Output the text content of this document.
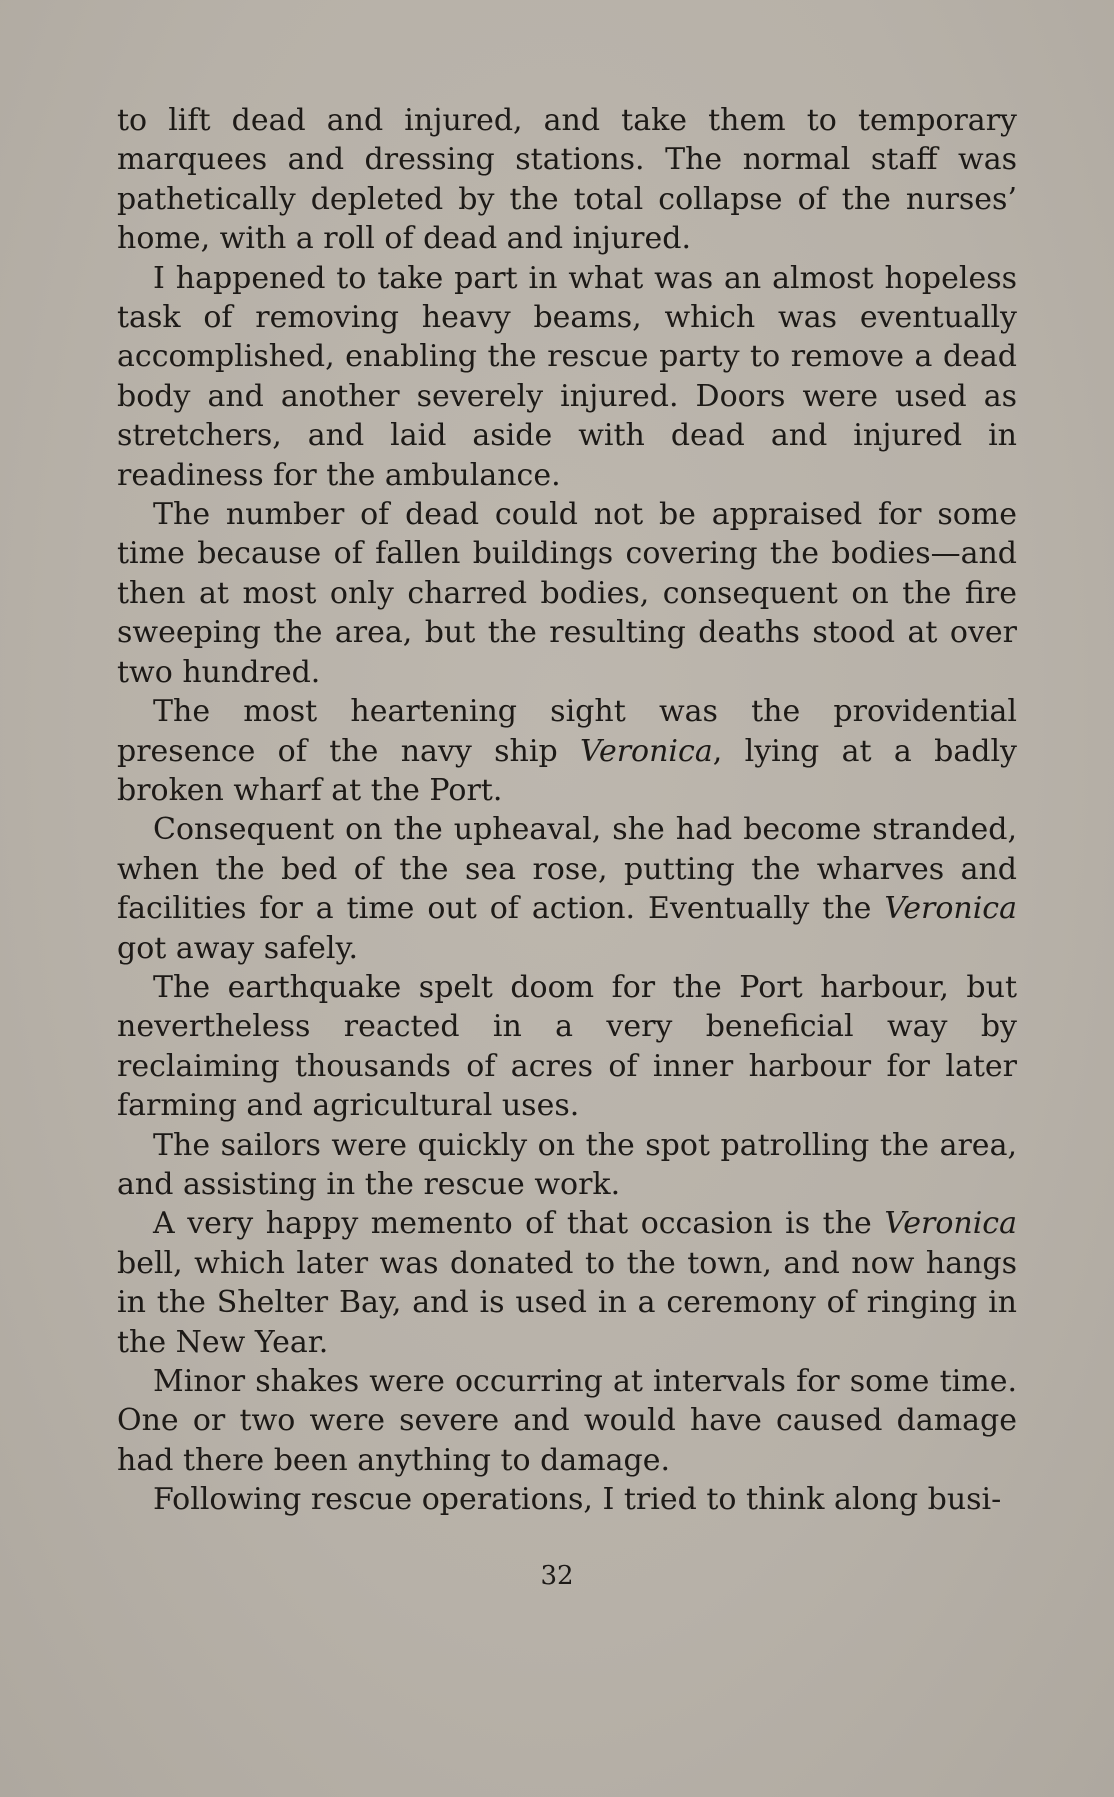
to lift dead and injured, and take them to temporary marquees and dressing stations. The normal staff was pathetically depleted by the total collapse of the nurses’ home, with a roll of dead and injured.

I happened to take part in what was an almost hopeless task of removing heavy beams, which was eventually accomplished, enabling the rescue party to remove a dead body and another severely injured. Doors were used as stretchers, and laid aside with dead and injured in readiness for the ambulance.

The number of dead could not be appraised for some time because of fallen buildings covering the bodies—and then at most only charred bodies, consequent on the fire sweeping the area, but the resulting deaths stood at over two hundred.

The most heartening sight was the providential presence of the navy ship Veronica, lying at a badly broken wharf at the Port.

Consequent on the upheaval, she had become stranded, when the bed of the sea rose, putting the wharves and facilities for a time out of action. Eventually the Veronica got away safely.

The earthquake spelt doom for the Port harbour, but nevertheless reacted in a very beneficial way by reclaiming thousands of acres of inner harbour for later farming and agricultural uses.

The sailors were quickly on the spot patrolling the area, and assisting in the rescue work.

A very happy memento of that occasion is the Veronica bell, which later was donated to the town, and now hangs in the Shelter Bay, and is used in a ceremony of ringing in the New Year.

Minor shakes were occurring at intervals for some time. One or two were severe and would have caused damage had there been anything to damage.

Following rescue operations, I tried to think along busi-

32
